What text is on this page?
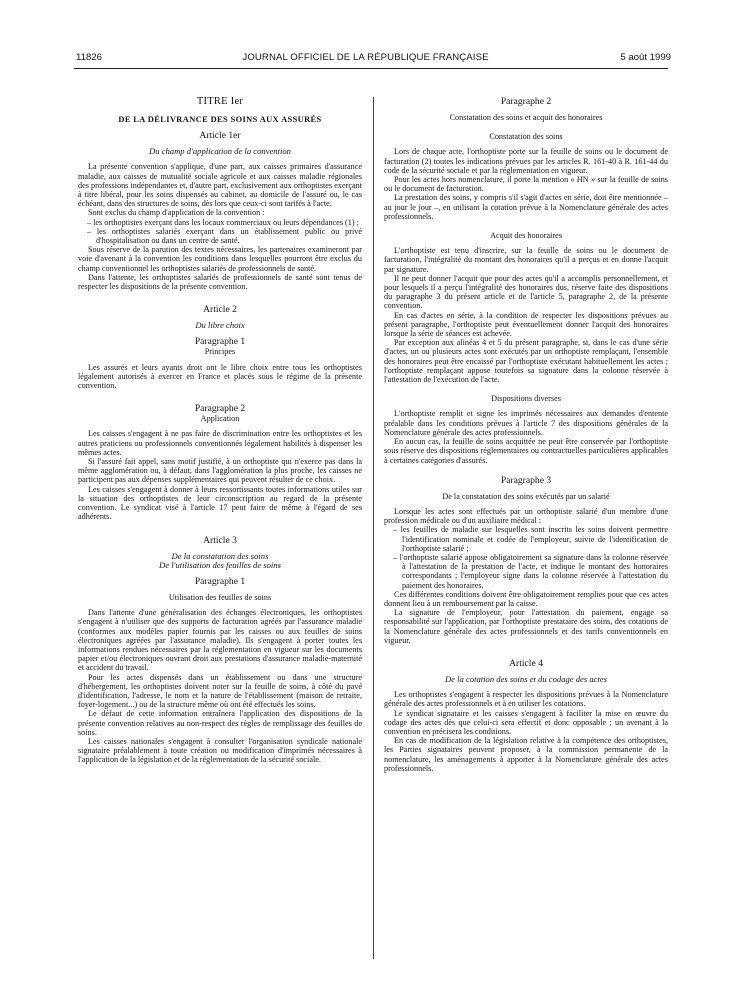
11826	JOURNAL OFFICIEL DE LA RÉPUBLIQUE FRANÇAISE	5 août 1999
TITRE Ier
DE LA DÉLIVRANCE DES SOINS AUX ASSURÉS
Article 1er
Du champ d'application de la convention

La présente convention s'applique, d'une part, aux caisses primaires d'assurance maladie, aux caisses de mutualité sociale agricole et aux caisses maladie régionales des professions indépendantes et, d'autre part, exclusivement aux orthoptistes exerçant à titre libéral, pour les soins dispensés au cabinet, au domicile de l'assuré ou, le cas échéant, dans des structures de soins, dès lors que ceux-ci sont tarifés à l'acte.

Sont exclus du champ d'application de la convention :

– les orthoptistes exerçant dans les locaux commerciaux ou leurs dépendances (1) ;

– les orthoptistes salariés exerçant dans un établissement public ou privé d'hospitalisation ou dans un centre de santé.

Sous réserve de la parution des textes nécessaires, les partenaires examineront par voie d'avenant à la convention les conditions dans lesquelles pourront être exclus du champ conventionnel les orthoptistes salariés de professionnels de santé.

Dans l'attente, les orthoptistes salariés de professionnels de santé sont tenus de respecter les dispositions de la présente convention.

Article 2
Du libre choix
Paragraphe 1
Principes

Les assurés et leurs ayants droit ont le libre choix entre tous les orthoptistes légalement autorisés à exercer en France et placés sous le régime de la présente convention.

Paragraphe 2
Application

Les caisses s'engagent à ne pas faire de discrimination entre les orthoptistes et les autres praticiens ou professionnels conventionnés légalement habilités à dispenser les mêmes actes.

Si l'assuré fait appel, sans motif justifié, à un orthoptiste qui n'exerce pas dans la même agglomération ou, à défaut, dans l'agglomération la plus proche, les caisses ne participent pas aux dépenses supplémentaires qui peuvent résulter de ce choix.

Les caisses s'engagent à donner à leurs ressortissants toutes informations utiles sur la situation des orthoptistes de leur circonscription au regard de la présente convention. Le syndicat visé à l'article 17 peut faire de même à l'égard de ses adhérents.

Article 3
De la constatation des soins
De l'utilisation des feuilles de soins
Paragraphe 1
Utilisation des feuilles de soins

Dans l'attente d'une généralisation des échanges électroniques, les orthoptistes s'engagent à n'utiliser que des supports de facturation agréés par l'assurance maladie (conformes aux modèles papier fournis par les caisses ou aux feuilles de soins électroniques agréées par l'assurance maladie). Ils s'engagent à porter toutes les informations rendues nécessaires par la réglementation en vigueur sur les documents papier et/ou électroniques ouvrant droit aux prestations d'assurance maladie-maternité et accident du travail.

Pour les actes dispensés dans un établissement ou dans une structure d'hébergement, les orthoptistes doivent noter sur la feuille de soins, à côté du pavé d'identification, l'adresse, le nom et la nature de l'établissement (maison de retraite, foyer-logement...) ou de la structure même où ont été effectués les soins.

Le défaut de cette information entraînera l'application des dispositions de la présente convention relatives au non-respect des règles de remplissage des feuilles de soins.

Les caisses nationales s'engagent à consulter l'organisation syndicale nationale signataire préalablement à toute création ou modification d'imprimés nécessaires à l'application de la législation et de la réglementation de la sécurité sociale.

Paragraphe 2
Constatation des soins et acquit des honoraires
Constatation des soins

Lors de chaque acte, l'orthoptiste porte sur la feuille de soins ou le document de facturation (2) toutes les indications prévues par les articles R. 161-40 à R. 161-44 du code de la sécurité sociale et par la réglementation en vigueur.

Pour les actes hors nomenclature, il porte la mention « HN » sur la feuille de soins ou le document de facturation.

La prestation des soins, y compris s'il s'agit d'actes en série, doit être mentionnée – au jour le jour –, en utilisant la cotation prévue à la Nomenclature générale des actes professionnels.

Acquit des honoraires

L'orthoptiste est tenu d'inscrire, sur la feuille de soins ou le document de facturation, l'intégralité du montant des honoraires qu'il a perçus et en donne l'acquit par signature.

Il ne peut donner l'acquit que pour des actes qu'il a accomplis personnellement, et pour lesquels il a perçu l'intégralité des honoraires dus, réserve faite des dispositions du paragraphe 3 du présent article et de l'article 5, paragraphe 2, de la présente convention.

En cas d'actes en série, à la condition de respecter les dispositions prévues au présent paragraphe, l'orthoptiste peut éventuellement donner l'acquit des honoraires lorsque la série de séances est achevée.

Par exception aux alinéas 4 et 5 du présent paragraphe, si, dans le cas d'une série d'actes, un ou plusieurs actes sont exécutés par un orthoptiste remplaçant, l'ensemble des honoraires peut être encaissé par l'orthoptiste exécutant habituellement les actes ; l'orthoptiste remplaçant appose toutefois sa signature dans la colonne réservée à l'attestation de l'exécution de l'acte.

Dispositions diverses

L'orthoptiste remplit et signe les imprimés nécessaires aux demandes d'entente préalable dans les conditions prévues à l'article 7 des dispositions générales de la Nomenclature générale des actes professionnels.

En aucun cas, la feuille de soins acquittée ne peut être conservée par l'orthoptiste sous réserve des dispositions réglementaires ou contractuelles particulières applicables à certaines catégories d'assurés.

Paragraphe 3
De la constatation des soins exécutés par un salarié

Lorsque les actes sont effectués par un orthoptiste salarié d'un membre d'une profession médicale ou d'un auxiliaire médical :

– les feuilles de maladie sur lesquelles sont inscrits les soins doivent permettre l'identification nominale et codée de l'employeur, suivie de l'identification de l'orthoptiste salarié ;

– l'orthoptiste salarié appose obligatoirement sa signature dans la colonne réservée à l'attestation de la prestation de l'acte, et indique le montant des honoraires correspondants ; l'employeur signe dans la colonne réservée à l'attestation du paiement des honoraires.

Ces différentes conditions doivent être obligatoirement remplies pour que ces actes donnent lieu à un remboursement par la caisse.

La signature de l'employeur, pour l'attestation du paiement, engage sa responsabilité sur l'application, par l'orthoptiste prestataire des soins, des cotations de la Nomenclature générale des actes professionnels et des tarifs conventionnels en vigueur.

Article 4
De la cotation des soins et du codage des actes

Les orthoptistes s'engagent à respecter les dispositions prévues à la Nomenclature générale des actes professionnels et à en utiliser les cotations.

Le syndicat signataire et les caisses s'engagent à faciliter la mise en œuvre du codage des actes dès que celui-ci sera effectif et donc opposable ; un avenant à la convention en précisera les conditions.

En cas de modification de la législation relative à la compétence des orthoptistes, les Parties signataires peuvent proposer, à la commission permanente de la nomenclature, les aménagements à apporter à la Nomenclature générale des actes professionnels.
